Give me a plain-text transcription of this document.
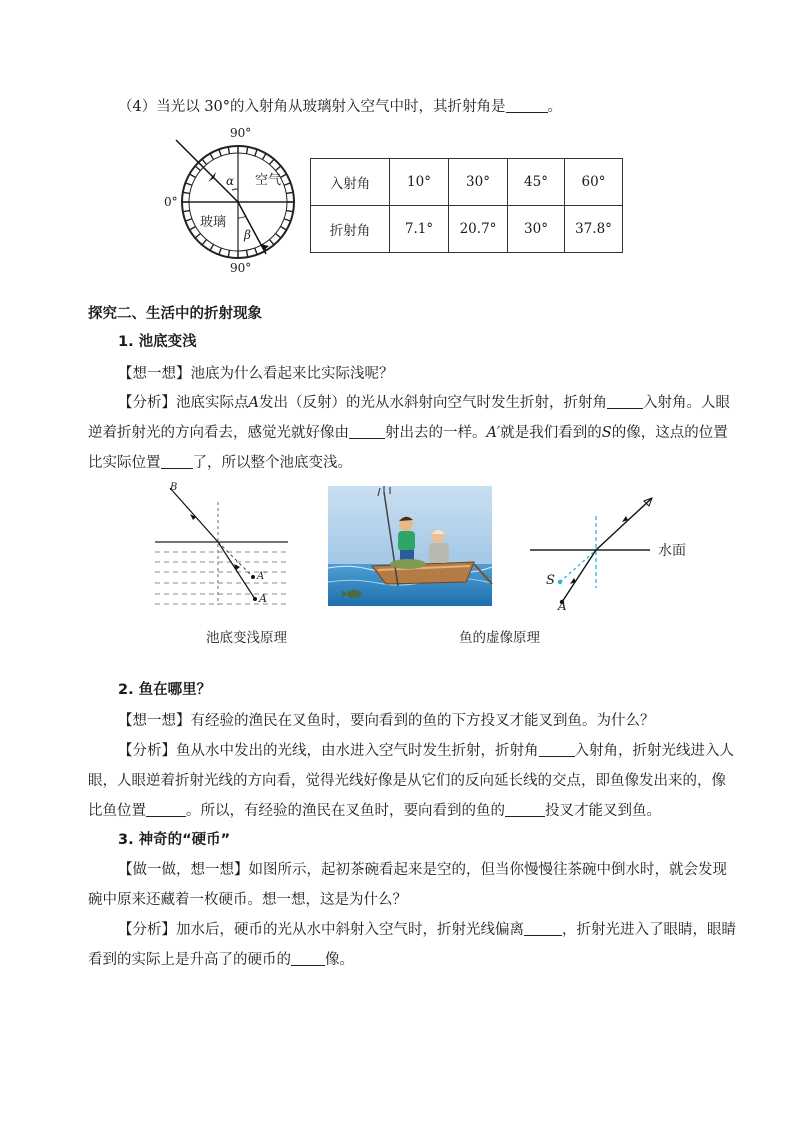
（4）当光以 30°的入射角从玻璃射入空气中时，其折射角是	。
90°
90°
0°
空气
玻璃
α
β
入射角	10°	30°	45°	60°
折射角	7.1°	20.7°	30°	37.8°
探究二、生活中的折射现象
1. 池底变浅
【想一想】池底为什么看起来比实际浅呢？
【分析】池底实际点A发出（反射）的光从水斜射向空气时发生折射，折射角 入射角。人眼
逆着折射光的方向看去，感觉光就好像由 射出去的一样。A′就是我们看到的S的像，这点的位置
比实际位置 了，所以整个池底变浅。
B
A′
A
水面
S
A
池底变浅原理	鱼的虚像原理
2. 鱼在哪里？
【想一想】有经验的渔民在叉鱼时，要向看到的鱼的下方投叉才能叉到鱼。为什么？
【分析】鱼从水中发出的光线，由水进入空气时发生折射，折射角 入射角，折射光线进入人
眼，人眼逆着折射光线的方向看，觉得光线好像是从它们的反向延长线的交点，即鱼像发出来的，像
比鱼位置	。所以，有经验的渔民在叉鱼时，要向看到的鱼的	投叉才能叉到鱼。
3. 神奇的“硬币”
【做一做，想一想】如图所示，起初茶碗看起来是空的，但当你慢慢往茶碗中倒水时，就会发现
碗中原来还藏着一枚硬币。想一想，这是为什么？
【分析】加水后，硬币的光从水中斜射入空气时，折射光线偏离	，折射光进入了眼睛，眼睛
看到的实际上是升高了的硬币的 像。
